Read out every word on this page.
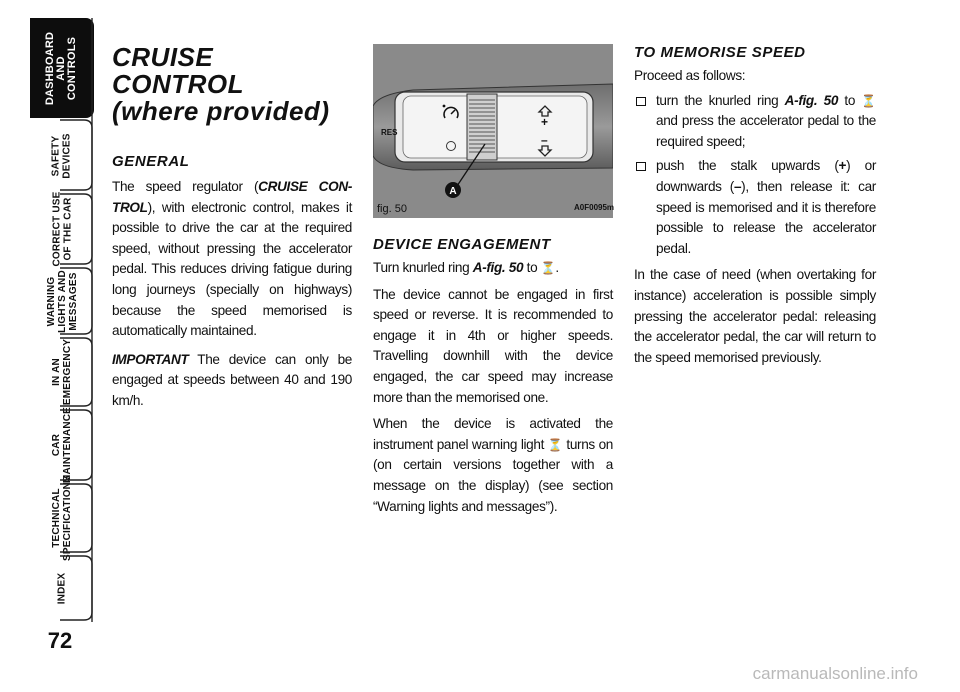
DASHBOARD
AND
CONTROLS
SAFETY
DEVICES
CORRECT USE
OF THE CAR
WARNING
LIGHTS AND
MESSAGES
IN AN
EMERGENCY
CAR
MAINTENANCE
TECHNICAL
SPECIFICATIONS
INDEX
72
CRUISE CONTROL
(where provided)
GENERAL

The speed regulator (CRUISE CON-TROL), with electronic control, makes it possible to drive the car at the required speed, without pressing the accelerator pedal. This reduces driving fatigue during long journeys (specially on highways) because the speed memorised is automatically maintained.

IMPORTANT The device can only be engaged at speeds between 40 and 190 km/h.

+
–
RES
A
fig. 50	A0F0095m
DEVICE ENGAGEMENT

Turn knurled ring A-fig. 50 to ⏳.

The device cannot be engaged in first speed or reverse. It is recommended to engage it in 4th or higher speeds. Travelling downhill with the device engaged, the car speed may increase more than the memorised one.

When the device is activated the instrument panel warning light ⏳ turns on (on certain versions together with a message on the display) (see section “Warning lights and messages”).

TO MEMORISE SPEED

Proceed as follows:

turn the knurled ring A-fig. 50 to ⏳ and press the accelerator pedal to the required speed;

push the stalk upwards (+) or downwards (–), then release it: car speed is memorised and it is therefore possible to release the accelerator pedal.

In the case of need (when overtaking for instance) acceleration is possible simply pressing the accelerator pedal: releasing the accelerator pedal, the car will return to the speed memorised previously.

carmanualsonline.info
